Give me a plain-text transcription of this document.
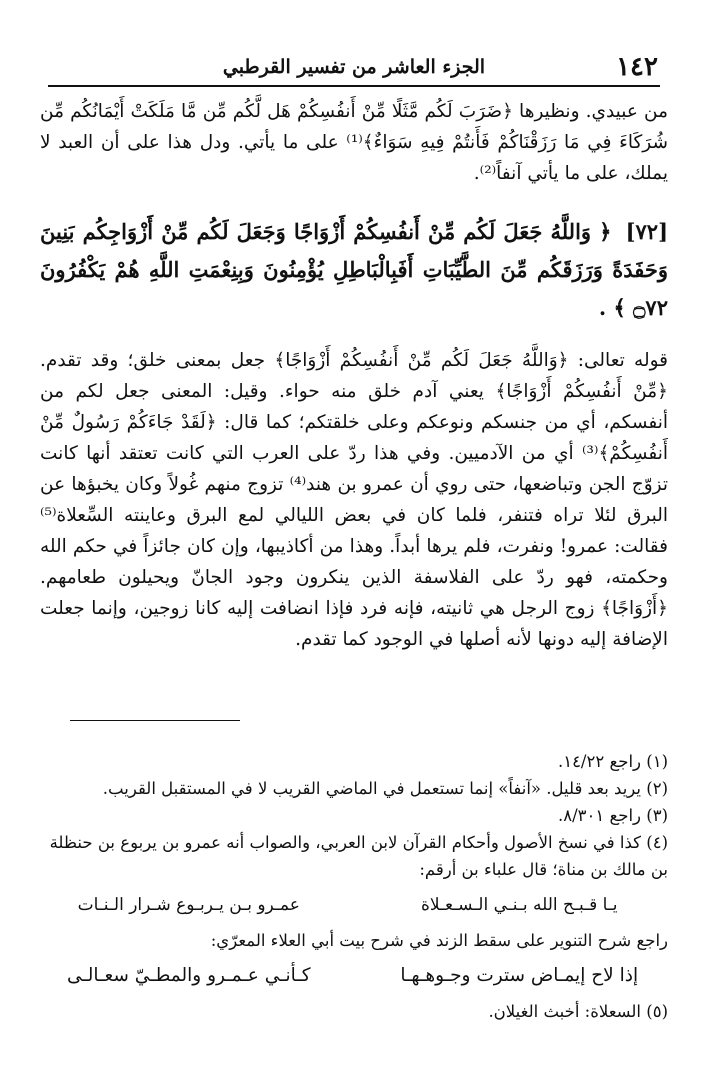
١٤٢
الجزء العاشر من تفسير القرطبي

من عبيدي. ونظيرها ﴿ضَرَبَ لَكُم مَّثَلًا مِّنْ أَنفُسِكُمْ هَل لَّكُم مِّن مَّا مَلَكَتْ أَيْمَانُكُم مِّن شُرَكَاءَ فِي مَا رَزَقْنَاكُمْ فَأَنتُمْ فِيهِ سَوَاءٌ﴾⁽¹⁾ على ما يأتي. ودل هذا على أن العبد لا يملك، على ما يأتي آنفاً⁽²⁾.

[٧٢] ﴿ وَاللَّهُ جَعَلَ لَكُم مِّنْ أَنفُسِكُمْ أَزْوَاجًا وَجَعَلَ لَكُم مِّنْ أَزْوَاجِكُم بَنِينَ وَحَفَدَةً وَرَزَقَكُم مِّنَ الطَّيِّبَاتِ أَفَبِالْبَاطِلِ يُؤْمِنُونَ وَبِنِعْمَتِ اللَّهِ هُمْ يَكْفُرُونَ ۝٧٢ ﴾ .

قوله تعالى: ﴿وَاللَّهُ جَعَلَ لَكُم مِّنْ أَنفُسِكُمْ أَزْوَاجًا﴾ جعل بمعنى خلق؛ وقد تقدم. ﴿مِّنْ أَنفُسِكُمْ أَزْوَاجًا﴾ يعني آدم خلق منه حواء. وقيل: المعنى جعل لكم من أنفسكم، أي من جنسكم ونوعكم وعلى خلقتكم؛ كما قال: ﴿لَقَدْ جَاءَكُمْ رَسُولٌ مِّنْ أَنفُسِكُمْ﴾⁽³⁾ أي من الآدميين. وفي هذا ردّ على العرب التي كانت تعتقد أنها كانت تزوّج الجن وتباضعها، حتى روي أن عمرو بن هند⁽⁴⁾ تزوج منهم غُولاً وكان يخبؤها عن البرق لئلا تراه فتنفر، فلما كان في بعض الليالي لمع البرق وعاينته السِّعلاة⁽⁵⁾ فقالت: عمرو! ونفرت، فلم يرها أبداً. وهذا من أكاذيبها، وإن كان جائزاً في حكم الله وحكمته، فهو ردّ على الفلاسفة الذين ينكرون وجود الجانّ ويحيلون طعامهم. ﴿أَزْوَاجًا﴾ زوج الرجل هي ثانيته، فإنه فرد فإذا انضافت إليه كانا زوجين، وإنما جعلت الإضافة إليه دونها لأنه أصلها في الوجود كما تقدم.

(١) راجع ١٤/٢٢.

(٢) يريد بعد قليل. «آنفاً» إنما تستعمل في الماضي القريب لا في المستقبل القريب.

(٣) راجع ٨/٣٠١.

(٤) كذا في نسخ الأصول وأحكام القرآن لابن العربي، والصواب أنه عمرو بن يربوع بن حنظلة بن مالك بن مناة؛ قال علباء بن أرقم:

يـا قـبـح الله بـنـي الـسـعـلاة
عمـرو بـن يـربـوع شـرار الـنـات

راجع شرح التنوير على سقط الزند في شرح بيت أبي العلاء المعرّي:

إذا لاح إيمـاض سترت وجـوهـهـا
كـأنـي عـمـرو والمطـيّ سعـالـى

(٥) السعلاة: أخبث الغيلان.
